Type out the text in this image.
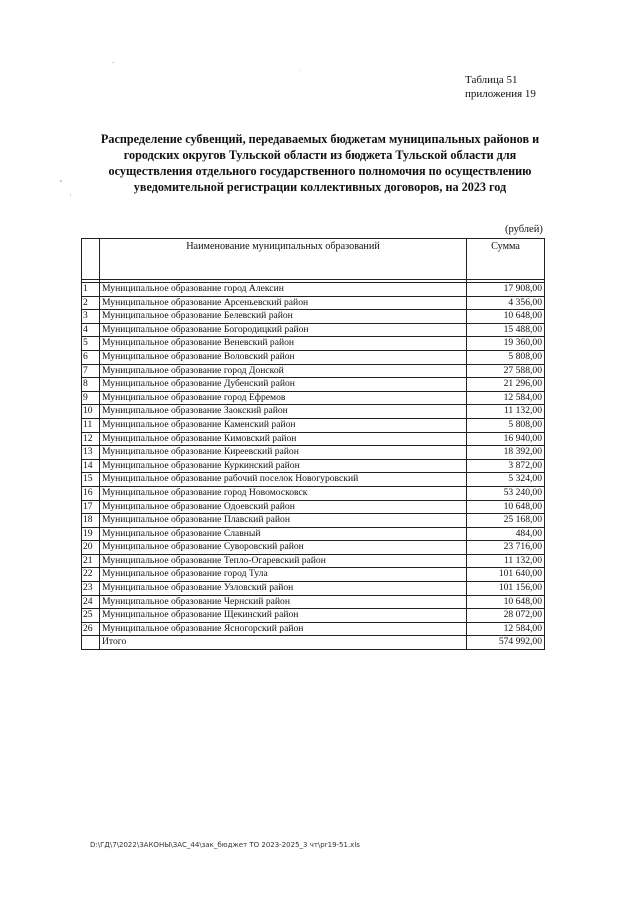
Таблица 51
приложения 19
Распределение субвенций, передаваемых бюджетам муниципальных районов и
городских округов Тульской области из бюджета Тульской области для
осуществления отдельного государственного полномочия по осуществлению
уведомительной регистрации коллективных договоров, на 2023 год
(рублей)
	Наименование муниципальных образований	Сумма

1	Муниципальное образование город Алексин	17 908,00
2	Муниципальное образование Арсеньевский район	4 356,00
3	Муниципальное образование Белевский район	10 648,00
4	Муниципальное образование Богородицкий район	15 488,00
5	Муниципальное образование Веневский район	19 360,00
6	Муниципальное образование Воловский район	5 808,00
7	Муниципальное образование город Донской	27 588,00
8	Муниципальное образование Дубенский район	21 296,00
9	Муниципальное образование город Ефремов	12 584,00
10	Муниципальное образование Заокский район	11 132,00
11	Муниципальное образование Каменский район	5 808,00
12	Муниципальное образование Кимовский район	16 940,00
13	Муниципальное образование Киреевский район	18 392,00
14	Муниципальное образование Куркинский район	3 872,00
15	Муниципальное образование рабочий поселок Новогуровский	5 324,00
16	Муниципальное образование город Новомосковск	53 240,00
17	Муниципальное образование Одоевский район	10 648,00
18	Муниципальное образование Плавский район	25 168,00
19	Муниципальное образование Славный	484,00
20	Муниципальное образование Суворовский район	23 716,00
21	Муниципальное образование Тепло-Огаревский район	11 132,00
22	Муниципальное образование город Тула	101 640,00
23	Муниципальное образование Узловский район	101 156,00
24	Муниципальное образование Чернский район	10 648,00
25	Муниципальное образование Щекинский район	28 072,00
26	Муниципальное образование Ясногорский район	12 584,00
	Итого	574 992,00
D:\ГД\7\2022\ЗАКОНЫ\ЗАС_44\зак_бюджет ТО 2023-2025_3 чт\pr19-51.xls
